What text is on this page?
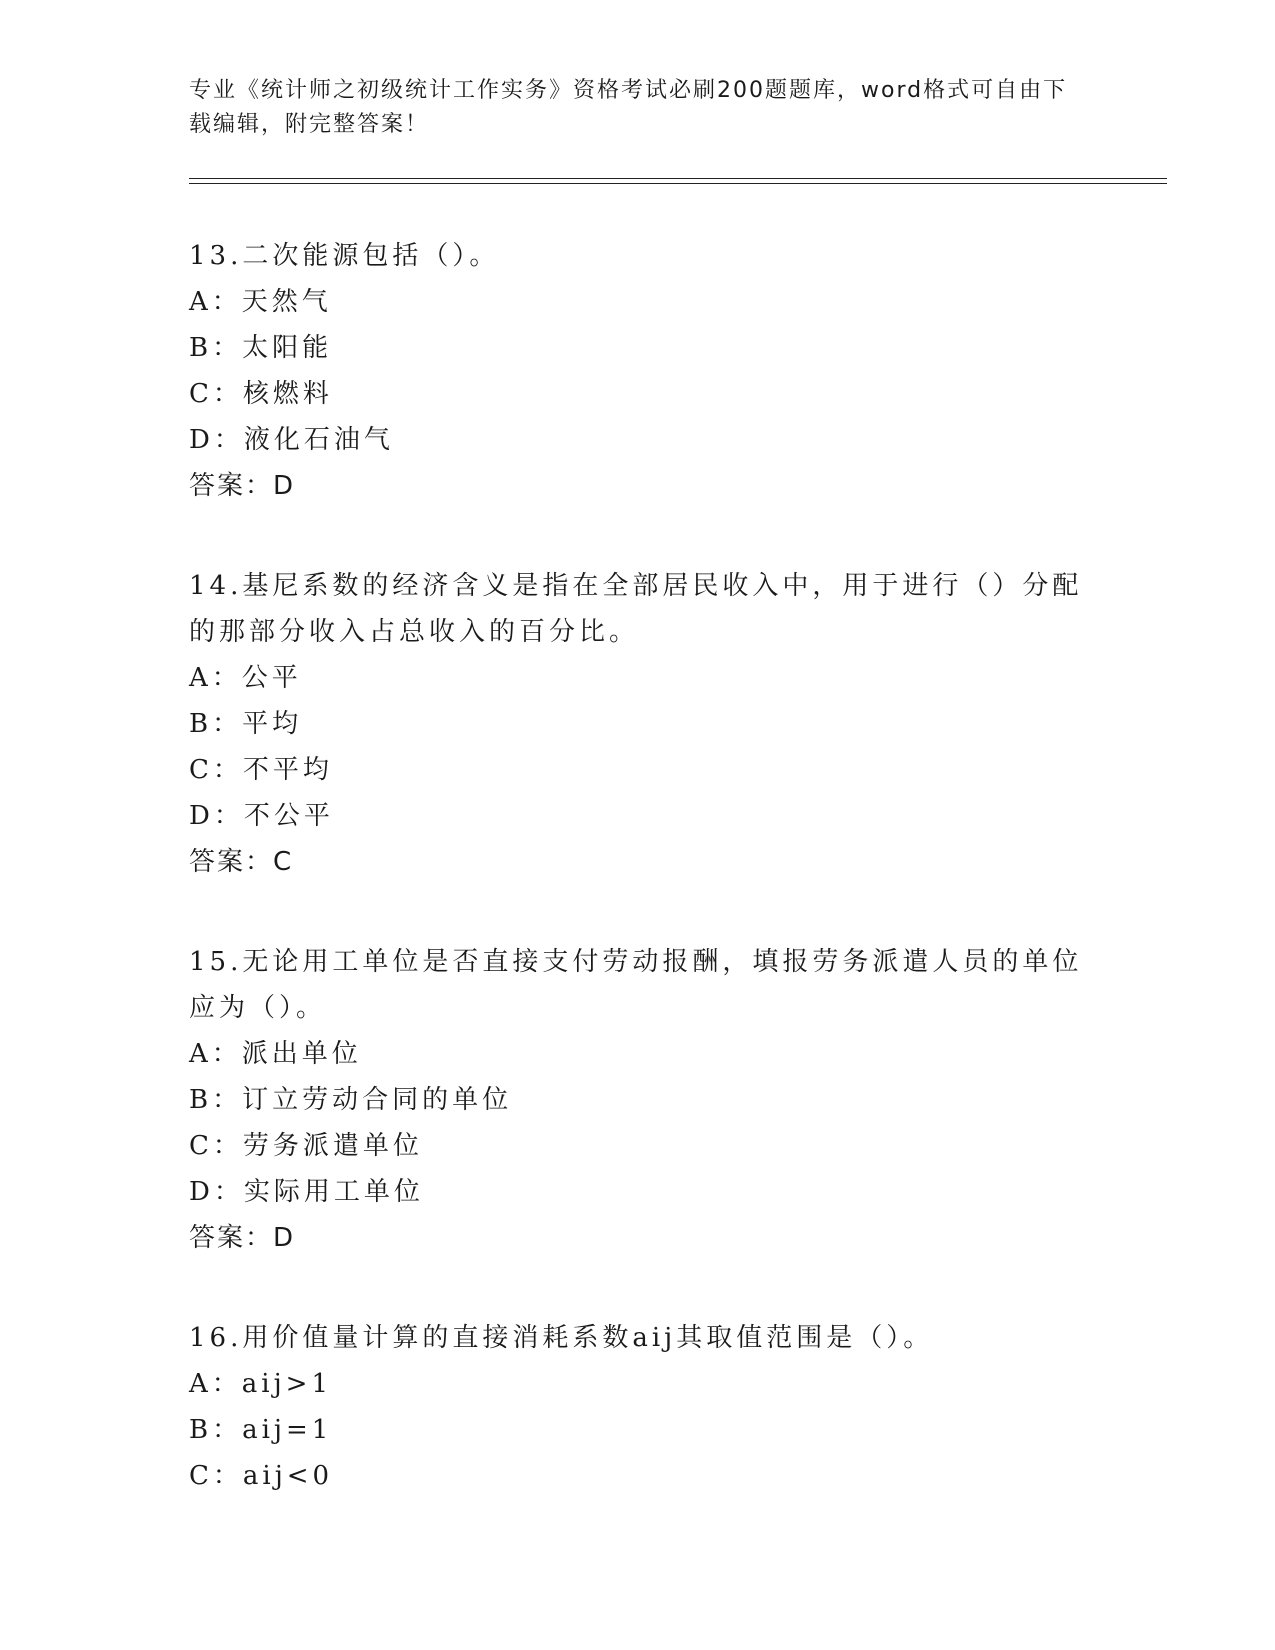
专业《统计师之初级统计工作实务》资格考试必刷200题题库，word格式可自由下载编辑，附完整答案！

13.二次能源包括（）。

A：天然气

B：太阳能

C：核燃料

D：液化石油气

答案：D

14.基尼系数的经济含义是指在全部居民收入中，用于进行（）分配的那部分收入占总收入的百分比。

A：公平

B：平均

C：不平均

D：不公平

答案：C

15.无论用工单位是否直接支付劳动报酬，填报劳务派遣人员的单位应为（）。

A：派出单位

B：订立劳动合同的单位

C：劳务派遣单位

D：实际用工单位

答案：D

16.用价值量计算的直接消耗系数aij其取值范围是（）。

A：aij>1

B：aij=1

C：aij<0
